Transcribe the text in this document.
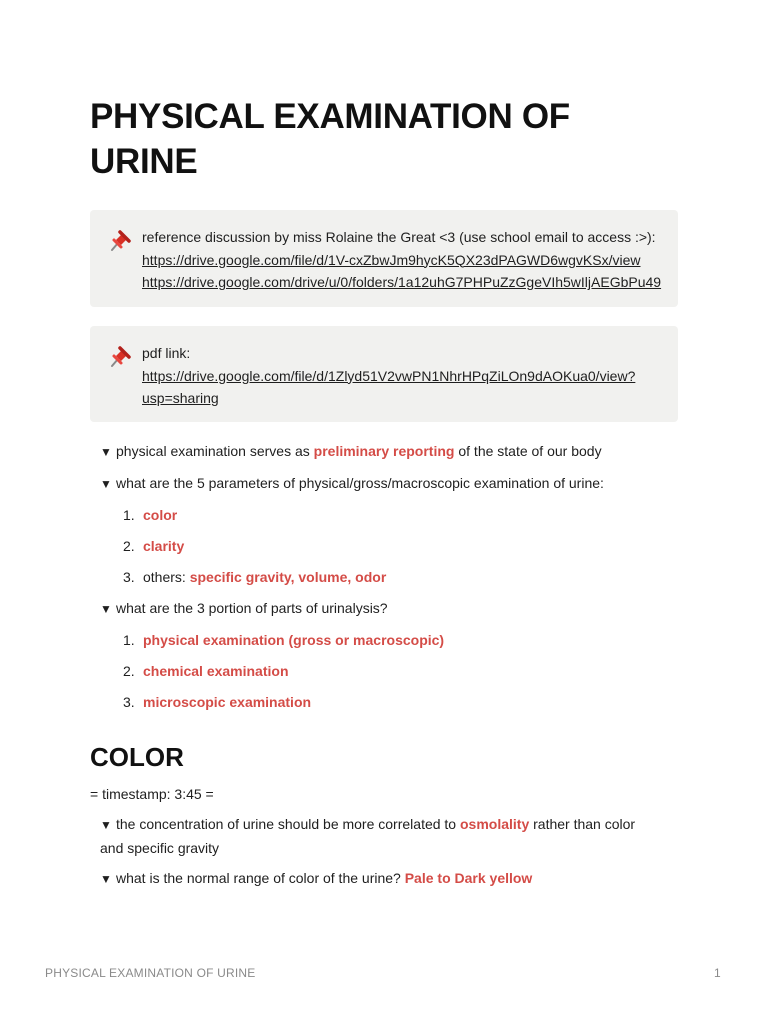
PHYSICAL EXAMINATION OF URINE
reference discussion by miss Rolaine the Great <3 (use school email to access :>):
https://drive.google.com/file/d/1V-cxZbwJm9hycK5QX23dPAGWD6wgvKSx/view
https://drive.google.com/drive/u/0/folders/1a12uhG7PHPuZzGgeVIh5wIljAEGbPu49
pdf link:
https://drive.google.com/file/d/1Zlyd51V2vwPN1NhrHPqZiLOn9dAOKua0/view?
usp=sharing
▼ physical examination serves as preliminary reporting of the state of our body
▼ what are the 5 parameters of physical/gross/macroscopic examination of urine:
1. color
2. clarity
3. others: specific gravity, volume, odor
▼ what are the 3 portion of parts of urinalysis?
1. physical examination (gross or macroscopic)
2. chemical examination
3. microscopic examination
COLOR
= timestamp: 3:45 =
▼ the concentration of urine should be more correlated to osmolality rather than color
and specific gravity
▼ what is the normal range of color of the urine? Pale to Dark yellow
PHYSICAL EXAMINATION OF URINE	1
